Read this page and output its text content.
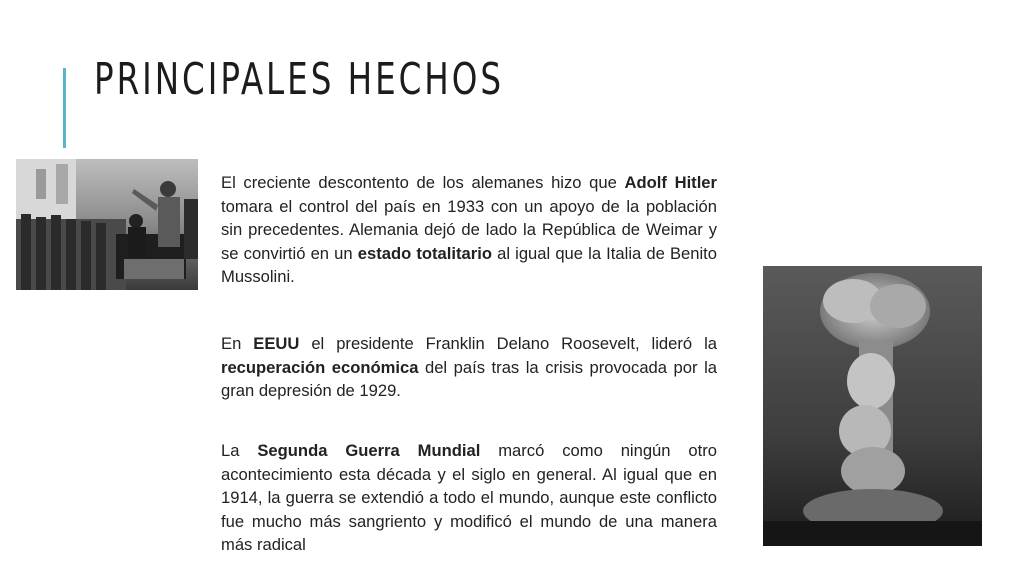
PRINCIPALES HECHOS

El creciente descontento de los alemanes hizo que Adolf Hitler tomara el control del país en 1933 con un apoyo de la población sin precedentes. Alemania dejó de lado la República de Weimar y se convirtió en un estado totalitario al igual que la Italia de Benito Mussolini.

En EEUU el presidente Franklin Delano Roosevelt, lideró la recuperación económica del país tras la crisis provocada por la gran depresión de 1929.

La Segunda Guerra Mundial marcó como ningún otro acontecimiento esta década y el siglo en general. Al igual que en 1914, la guerra se extendió a todo el mundo, aunque este conflicto fue mucho más sangriento y modificó el mundo de una manera más radical
